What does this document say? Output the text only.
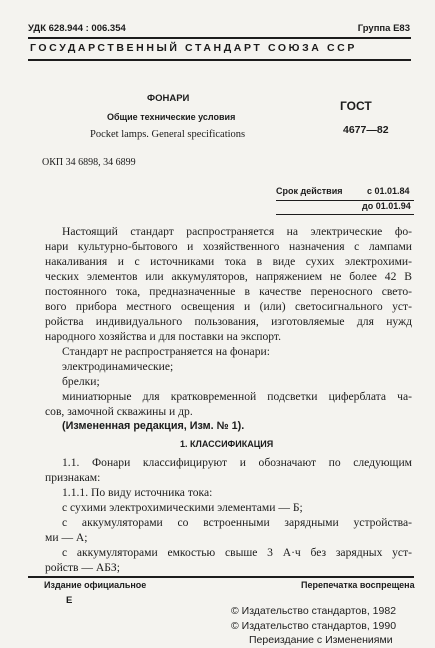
УДК 628.944 : 006.354	Группа Е83
ГОСУДАРСТВЕННЫЙ СТАНДАРТ СОЮЗА ССР
ФОНАРИ
Общие технические условия
Pocket lamps. General specifications
ГОСТ
4677—82
ОКП 34 6898, 34 6899
Срок действия	с 01.01.84
до 01.01.94
Настоящий стандарт распространяется на электрические фо-
нари культурно-бытового и хозяйственного назначения с лампами
накаливания и с источниками тока в виде сухих электрохими-
ческих элементов или аккумуляторов, напряжением не более 42 В
постоянного тока, предназначенные в качестве переносного свето-
вого прибора местного освещения и (или) светосигнального уст-
ройства индивидуального пользования, изготовляемые для нужд
народного хозяйства и для поставки на экспорт.
Стандарт не распространяется на фонари:
электродинамические;
брелки;
миниатюрные для кратковременной подсветки циферблата ча-
сов, замочной скважины и др.
(Измененная редакция, Изм. № 1).
1. КЛАССИФИКАЦИЯ
1.1. Фонари классифицируют и обозначают по следующим
признакам:
1.1.1. По виду источника тока:
с сухими электрохимическими элементами — Б;
с аккумуляторами со встроенными зарядными устройства-
ми — А;
с аккумуляторами емкостью свыше 3 А·ч без зарядных уст-
ройств — АБЗ;
Издание официальное	Перепечатка воспрещена
Е
© Издательство стандартов, 1982
© Издательство стандартов, 1990
Переиздание с Изменениями
